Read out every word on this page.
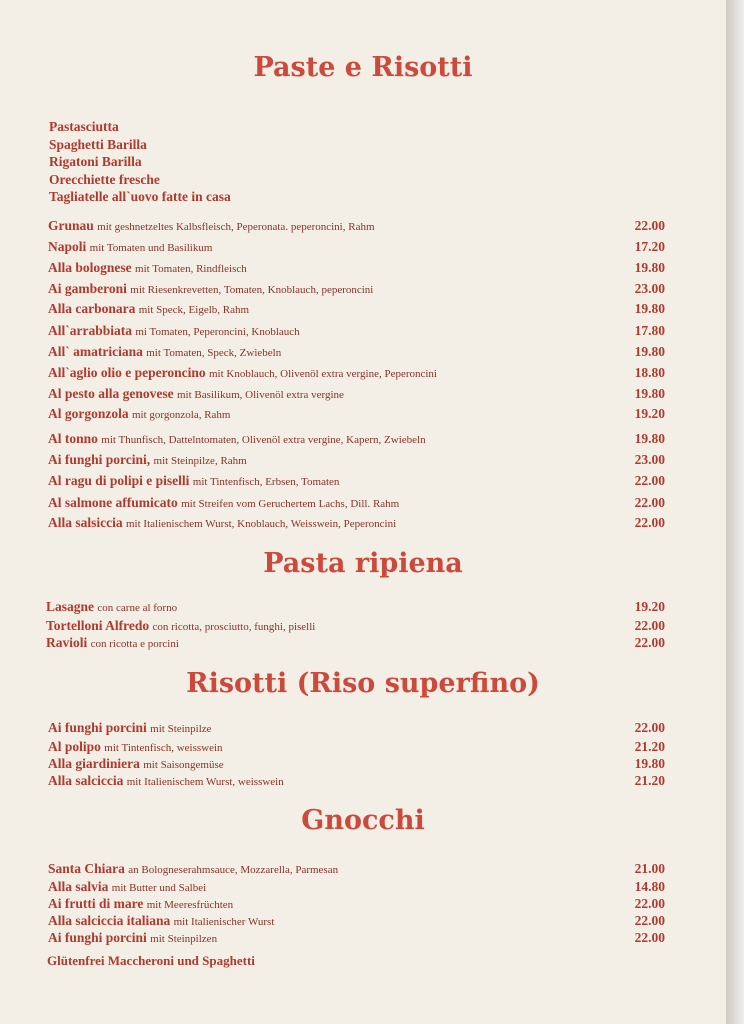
Paste e Risotti
Pastasciutta
Spaghetti Barilla
Rigatoni Barilla
Orecchiette fresche
Tagliatelle all`uovo fatte in casa
Grunau mit geshnetzeltes Kalbsfleisch, Peperonata. peperoncini, Rahm	22.00
Napoli mit Tomaten und Basilikum	17.20
Alla bolognese mit Tomaten, Rindfleisch	19.80
Ai gamberoni mit Riesenkrevetten, Tomaten, Knoblauch, peperoncini	23.00
Alla carbonara mit Speck, Eigelb, Rahm	19.80
All`arrabbiata mi Tomaten, Peperoncini, Knoblauch	17.80
All` amatriciana mit Tomaten, Speck, Zwiebeln	19.80
All`aglio olio e peperoncino mit Knoblauch, Olivenöl extra vergine, Peperoncini	18.80
Al pesto alla genovese mit Basilikum, Olivenöl extra vergine	19.80
Al gorgonzola mit gorgonzola, Rahm	19.20
Al tonno mit Thunfisch, Dattelntomaten, Olivenöl extra vergine, Kapern, Zwiebeln	19.80
Ai funghi porcini, mit Steinpilze, Rahm	23.00
Al ragu di polipi e piselli mit Tintenfisch, Erbsen, Tomaten	22.00
Al salmone affumicato mit Streifen vom Geruchertem Lachs, Dill. Rahm	22.00
Alla salsiccia mit Italienischem Wurst, Knoblauch, Weisswein, Peperoncini	22.00
Pasta ripiena
Lasagne con carne al forno	19.20
Tortelloni Alfredo con ricotta, prosciutto, funghi, piselli	22.00
Ravioli con ricotta e porcini	22.00
Risotti (Riso superfino)
Ai funghi porcini mit Steinpilze	22.00
Al polipo mit Tintenfisch, weisswein	21.20
Alla giardiniera mit Saisongemüse	19.80
Alla salciccia mit Italienischem Wurst, weisswein	21.20
Gnocchi
Santa Chiara an Bologneserahmsauce, Mozzarella, Parmesan	21.00
Alla salvia mit Butter und Salbei	14.80
Ai frutti di mare mit Meeresfrüchten	22.00
Alla salciccia italiana mit Italienischer Wurst	22.00
Ai funghi porcini mit Steinpilzen	22.00
Glütenfrei Maccheroni und Spaghetti
